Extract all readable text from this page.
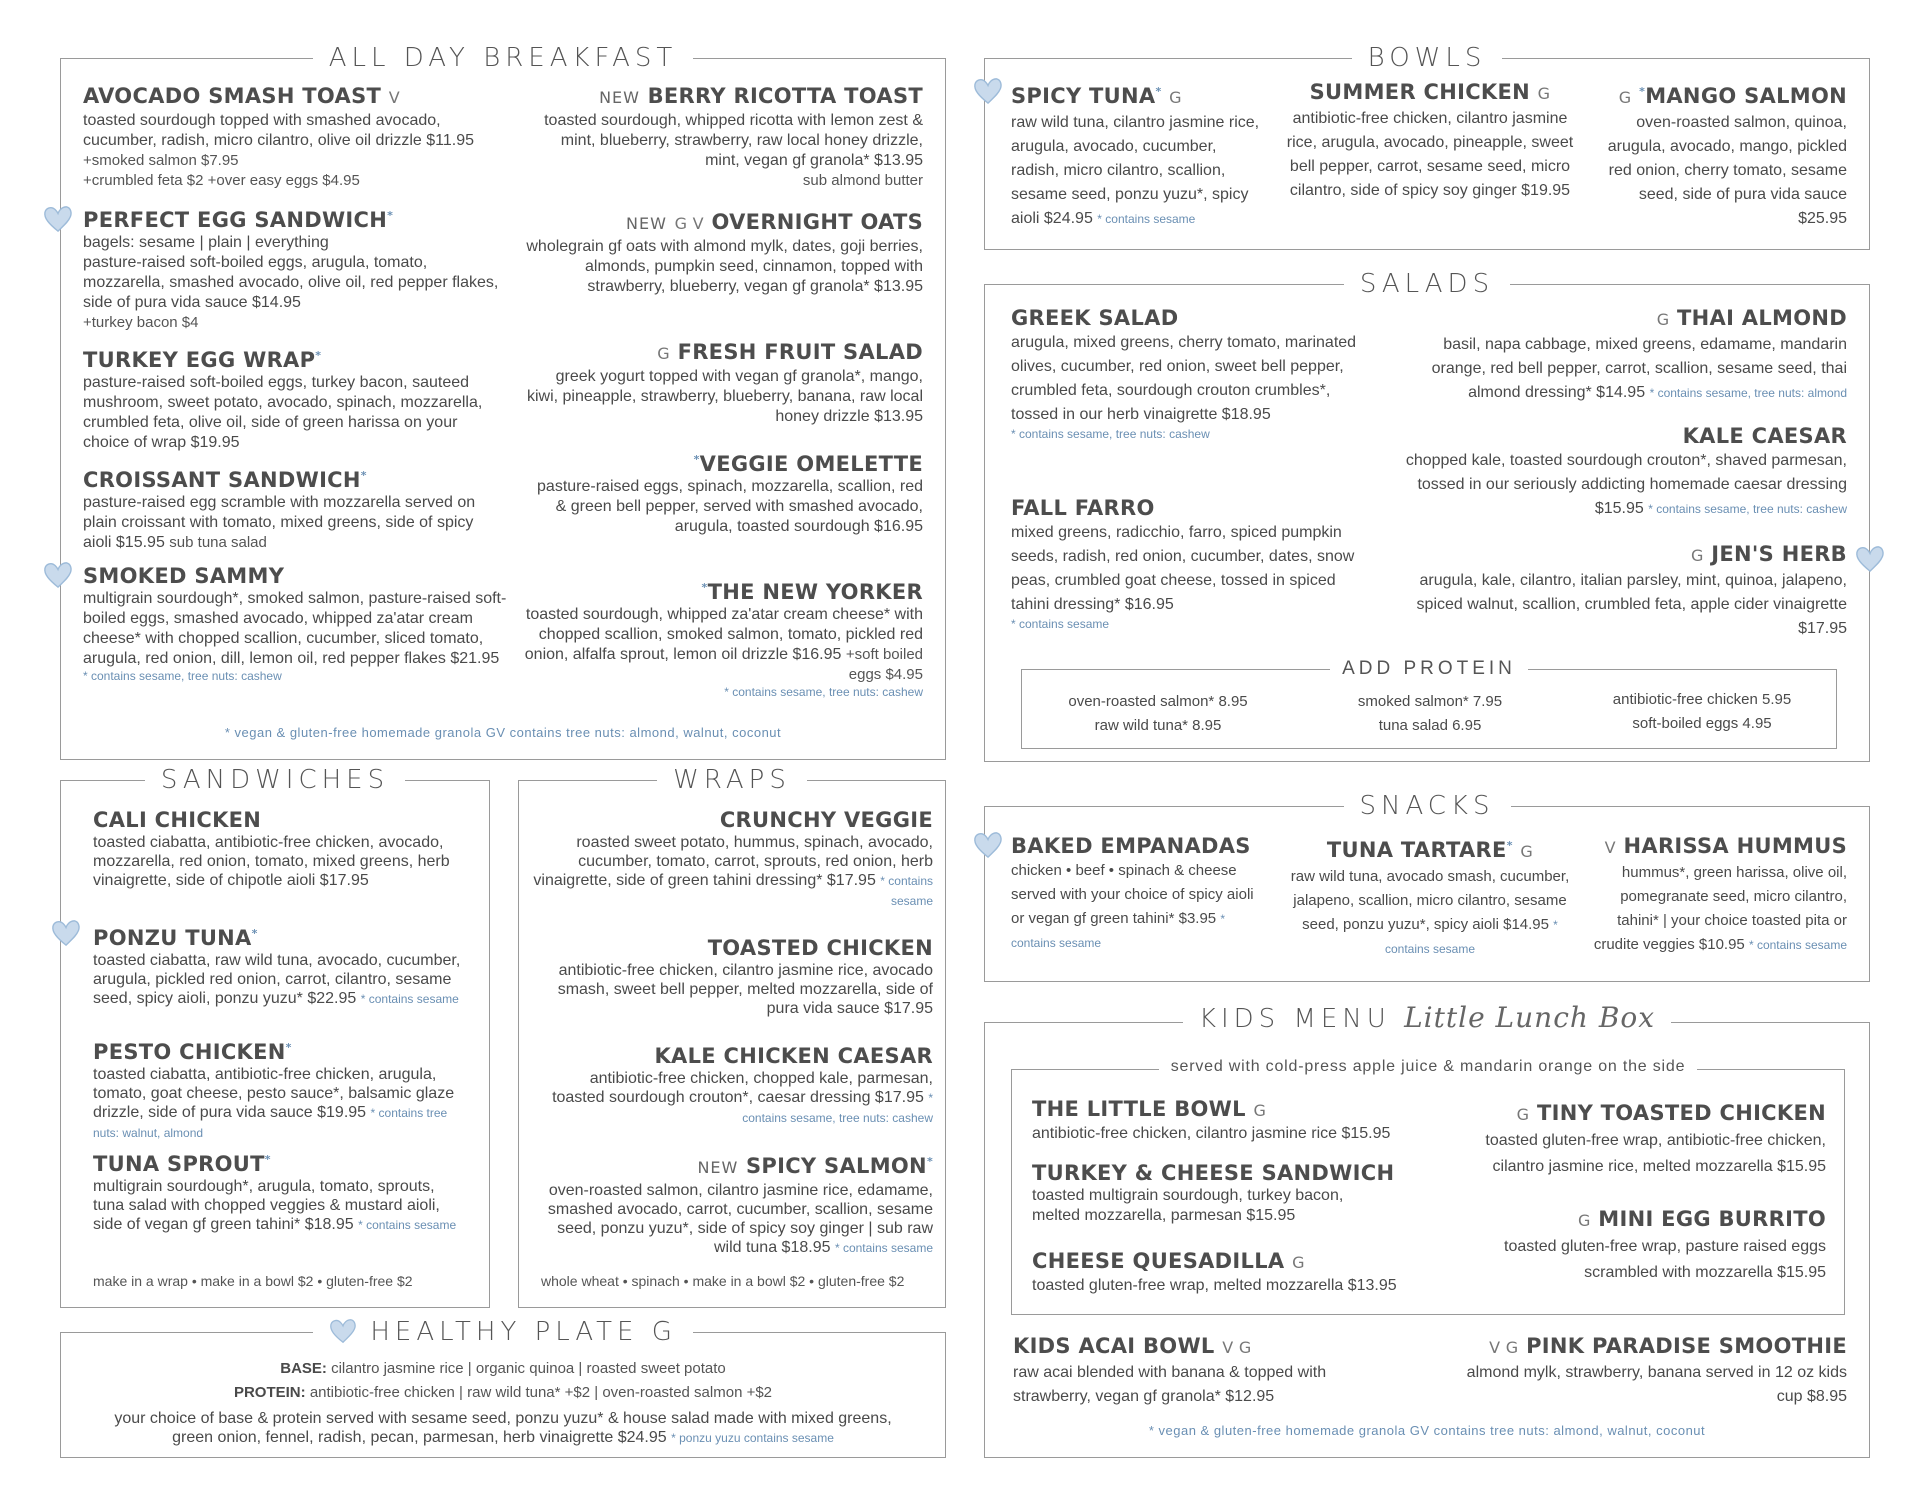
ALL DAY BREAKFAST
AVOCADO SMASH TOAST V
toasted sourdough topped with smashed avocado, cucumber, radish, micro cilantro, olive oil drizzle $11.95 +smoked salmon $7.95
+crumbled feta $2 +over easy eggs $4.95
PERFECT EGG SANDWICH*
bagels: sesame | plain | everything
pasture-raised soft-boiled eggs, arugula, tomato, mozzarella, smashed avocado, olive oil, red pepper flakes, side of pura vida sauce $14.95
+turkey bacon $4
TURKEY EGG WRAP*
pasture-raised soft-boiled eggs, turkey bacon, sauteed mushroom, sweet potato, avocado, spinach, mozzarella, crumbled feta, olive oil, side of green harissa on your choice of wrap $19.95
CROISSANT SANDWICH*
pasture-raised egg scramble with mozzarella served on plain croissant with tomato, mixed greens, side of spicy aioli $15.95 sub tuna salad
SMOKED SAMMY
multigrain sourdough*, smoked salmon, pasture-raised soft-boiled eggs, smashed avocado, whipped za'atar cream cheese* with chopped scallion, cucumber, sliced tomato, arugula, red onion, dill, lemon oil, red pepper flakes $21.95
* contains sesame, tree nuts: cashew
NEW BERRY RICOTTA TOAST
toasted sourdough, whipped ricotta with lemon zest & mint, blueberry, strawberry, raw local honey drizzle, mint, vegan gf granola* $13.95
sub almond butter
NEW G V OVERNIGHT OATS
wholegrain gf oats with almond mylk, dates, goji berries, almonds, pumpkin seed, cinnamon, topped with strawberry, blueberry, vegan gf granola* $13.95
G FRESH FRUIT SALAD
greek yogurt topped with vegan gf granola*, mango, kiwi, pineapple, strawberry, blueberry, banana, raw local honey drizzle $13.95
*VEGGIE OMELETTE
pasture-raised eggs, spinach, mozzarella, scallion, red & green bell pepper, served with smashed avocado, arugula, toasted sourdough $16.95
*THE NEW YORKER
toasted sourdough, whipped za'atar cream cheese* with chopped scallion, smoked salmon, tomato, pickled red onion, alfalfa sprout, lemon oil drizzle $16.95 +soft boiled eggs $4.95
* contains sesame, tree nuts: cashew
* vegan & gluten-free homemade granola GV contains tree nuts: almond, walnut, coconut
BOWLS
SPICY TUNA* G
raw wild tuna, cilantro jasmine rice, arugula, avocado, cucumber, radish, micro cilantro, scallion, sesame seed, ponzu yuzu*, spicy aioli $24.95 * contains sesame
SUMMER CHICKEN G
antibiotic-free chicken, cilantro jasmine rice, arugula, avocado, pineapple, sweet bell pepper, carrot, sesame seed, micro cilantro, side of spicy soy ginger $19.95
G *MANGO SALMON
oven-roasted salmon, quinoa, arugula, avocado, mango, pickled red onion, cherry tomato, sesame seed, side of pura vida sauce $25.95
SALADS
GREEK SALAD
arugula, mixed greens, cherry tomato, marinated olives, cucumber, red onion, sweet bell pepper, crumbled feta, sourdough crouton crumbles*, tossed in our herb vinaigrette $18.95
* contains sesame, tree nuts: cashew
FALL FARRO
mixed greens, radicchio, farro, spiced pumpkin seeds, radish, red onion, cucumber, dates, snow peas, crumbled goat cheese, tossed in spiced tahini dressing* $16.95
* contains sesame
G THAI ALMOND
basil, napa cabbage, mixed greens, edamame, mandarin orange, red bell pepper, carrot, scallion, sesame seed, thai almond dressing* $14.95 * contains sesame, tree nuts: almond
KALE CAESAR
chopped kale, toasted sourdough crouton*, shaved parmesan, tossed in our seriously addicting homemade caesar dressing $15.95 * contains sesame, tree nuts: cashew
G JEN'S HERB
arugula, kale, cilantro, italian parsley, mint, quinoa, jalapeno, spiced walnut, scallion, crumbled feta, apple cider vinaigrette $17.95
ADD PROTEIN
oven-roasted salmon* 8.95
raw wild tuna* 8.95
smoked salmon* 7.95
tuna salad 6.95
antibiotic-free chicken 5.95
soft-boiled eggs 4.95
SANDWICHES
CALI CHICKEN
toasted ciabatta, antibiotic-free chicken, avocado, mozzarella, red onion, tomato, mixed greens, herb vinaigrette, side of chipotle aioli $17.95
PONZU TUNA*
toasted ciabatta, raw wild tuna, avocado, cucumber, arugula, pickled red onion, carrot, cilantro, sesame seed, spicy aioli, ponzu yuzu* $22.95 * contains sesame
PESTO CHICKEN*
toasted ciabatta, antibiotic-free chicken, arugula, tomato, goat cheese, pesto sauce*, balsamic glaze drizzle, side of pura vida sauce $19.95 * contains tree nuts: walnut, almond
TUNA SPROUT*
multigrain sourdough*, arugula, tomato, sprouts, tuna salad with chopped veggies & mustard aioli, side of vegan gf green tahini* $18.95 * contains sesame
make in a wrap • make in a bowl $2 • gluten-free $2
WRAPS
CRUNCHY VEGGIE
roasted sweet potato, hummus, spinach, avocado, cucumber, tomato, carrot, sprouts, red onion, herb vinaigrette, side of green tahini dressing* $17.95 * contains sesame
TOASTED CHICKEN
antibiotic-free chicken, cilantro jasmine rice, avocado smash, sweet bell pepper, melted mozzarella, side of pura vida sauce $17.95
KALE CHICKEN CAESAR
antibiotic-free chicken, chopped kale, parmesan, toasted sourdough crouton*, caesar dressing $17.95 * contains sesame, tree nuts: cashew
NEW SPICY SALMON*
oven-roasted salmon, cilantro jasmine rice, edamame, smashed avocado, carrot, cucumber, scallion, sesame seed, ponzu yuzu*, side of spicy soy ginger | sub raw wild tuna $18.95 * contains sesame
whole wheat • spinach • make in a bowl $2 • gluten-free $2
HEALTHY PLATE G
BASE: cilantro jasmine rice | organic quinoa | roasted sweet potato
PROTEIN: antibiotic-free chicken | raw wild tuna* +$2 | oven-roasted salmon +$2
your choice of base & protein served with sesame seed, ponzu yuzu* & house salad made with mixed greens, green onion, fennel, radish, pecan, parmesan, herb vinaigrette $24.95 * ponzu yuzu contains sesame
SNACKS
BAKED EMPANADAS
chicken • beef • spinach & cheese served with your choice of spicy aioli or vegan gf green tahini* $3.95 * contains sesame
TUNA TARTARE* G
raw wild tuna, avocado smash, cucumber, jalapeno, scallion, micro cilantro, sesame seed, ponzu yuzu*, spicy aioli $14.95 * contains sesame
V HARISSA HUMMUS
hummus*, green harissa, olive oil, pomegranate seed, micro cilantro, tahini* | your choice toasted pita or crudite veggies $10.95 * contains sesame
KIDS MENU Little Lunch Box
served with cold-press apple juice & mandarin orange on the side
THE LITTLE BOWL G
antibiotic-free chicken, cilantro jasmine rice $15.95
TURKEY & CHEESE SANDWICH
toasted multigrain sourdough, turkey bacon, melted mozzarella, parmesan $15.95
CHEESE QUESADILLA G
toasted gluten-free wrap, melted mozzarella $13.95
G TINY TOASTED CHICKEN
toasted gluten-free wrap, antibiotic-free chicken, cilantro jasmine rice, melted mozzarella $15.95
G MINI EGG BURRITO
toasted gluten-free wrap, pasture raised eggs scrambled with mozzarella $15.95
KIDS ACAI BOWL V G
raw acai blended with banana & topped with strawberry, vegan gf granola* $12.95
V G PINK PARADISE SMOOTHIE
almond mylk, strawberry, banana served in 12 oz kids cup $8.95
* vegan & gluten-free homemade granola GV contains tree nuts: almond, walnut, coconut
